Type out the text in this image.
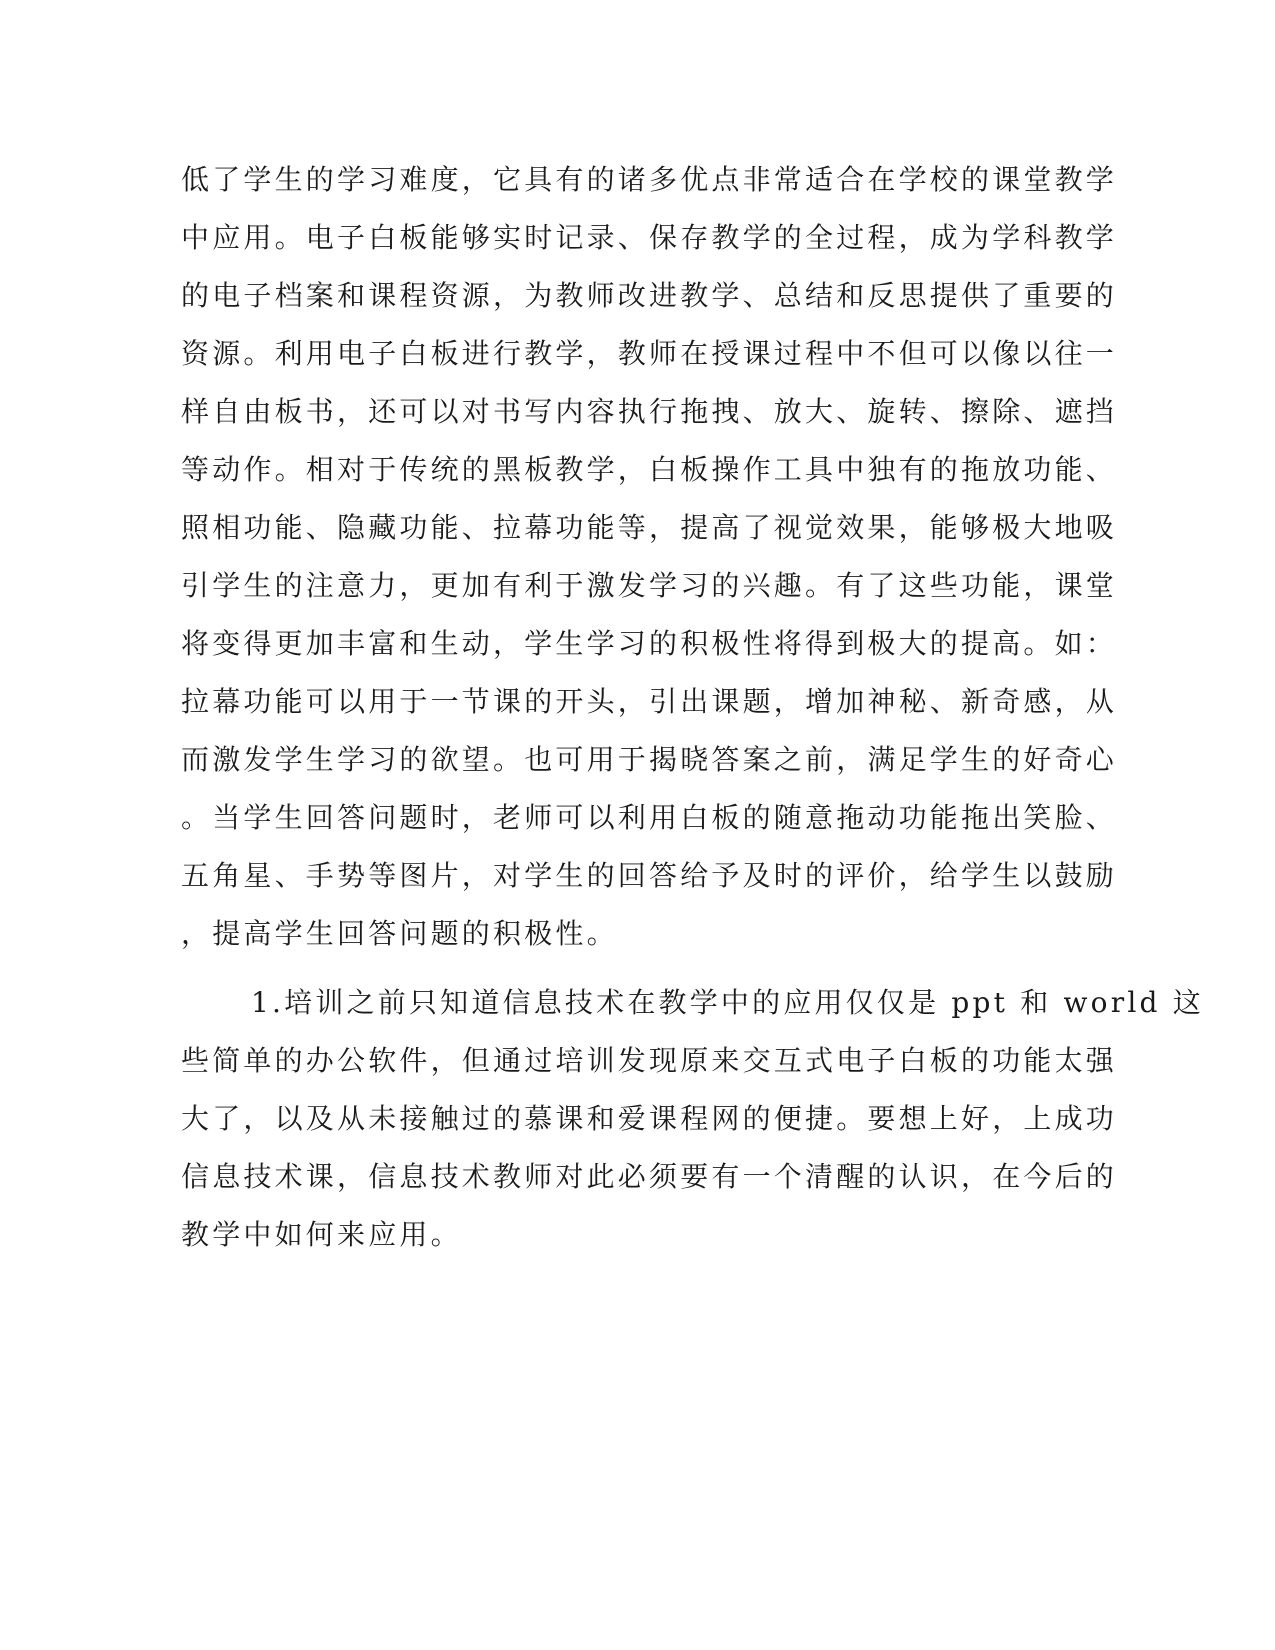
低了学生的学习难度，它具有的诸多优点非常适合在学校的课堂教学
中应用。电子白板能够实时记录、保存教学的全过程，成为学科教学
的电子档案和课程资源，为教师改进教学、总结和反思提供了重要的
资源。利用电子白板进行教学，教师在授课过程中不但可以像以往一
样自由板书，还可以对书写内容执行拖拽、放大、旋转、擦除、遮挡
等动作。相对于传统的黑板教学，白板操作工具中独有的拖放功能、
照相功能、隐藏功能、拉幕功能等，提高了视觉效果，能够极大地吸
引学生的注意力，更加有利于激发学习的兴趣。有了这些功能，课堂
将变得更加丰富和生动，学生学习的积极性将得到极大的提高。如：
拉幕功能可以用于一节课的开头，引出课题，增加神秘、新奇感，从
而激发学生学习的欲望。也可用于揭晓答案之前，满足学生的好奇心
。当学生回答问题时，老师可以利用白板的随意拖动功能拖出笑脸、
五角星、手势等图片，对学生的回答给予及时的评价，给学生以鼓励
，提高学生回答问题的积极性。
1.培训之前只知道信息技术在教学中的应用仅仅是 ppt 和 world 这
些简单的办公软件，但通过培训发现原来交互式电子白板的功能太强
大了，以及从未接触过的慕课和爱课程网的便捷。要想上好，上成功
信息技术课，信息技术教师对此必须要有一个清醒的认识，在今后的
教学中如何来应用。
